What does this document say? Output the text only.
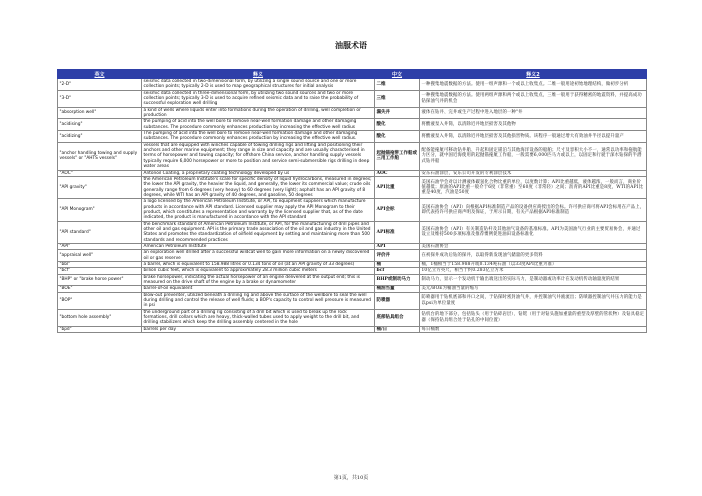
油服术语
英文	释义	中文	释义2
"2-D"	seismic data collected in two-dimensional form, by utilizing a single sound source and one or more collection points; typically 2-D is used to map geographical structures for initial analysis	二维	一种搜集地震数据的方法。使用一组声源和一个或以上收集点。二维一般用途初始地理结构，做初步分析
"3-D"	seismic data collected in three-dimensional form, by utilizing two sound sources and two or more collection points; typically 3-D is used to acquire refined seismic data and to raise the probability of successful exploration well drilling	三维	一种搜集地震数据的方法。使用两组声源和两个或以上收集点，三维一般用于获得精密的地震资料，并提高成功钻探油气井的机会
"absorption well"	a kind of wells where liquids enter into formations during the operation of drilling, well completion or production	漏失井	液体在钻井、完井或生产过程中进入地层的一种"井
"acidising"	the pumping of acid into the well bore to remove near-well formation damage and other damaging substances. The procedure commonly enhances production by increasing the effective well radius	酸化	将酸液泵入井筒，以清除近井地层损害及其他物
"acidizing"	The pumping of acid into the well bore to remove near-well formation damage and other damaging substances. The procedure commonly enhances production by increasing the effective well radius.	酸化	将酸液泵入井筒，以清除近井地层损害及其他损害物质。该程序一般通过增大有效油井半径以提升量产
"anchor handling towing and supply vessels" or "AHTS vessels"	vessels that are equipped with winches capable of towing drilling rigs and lifting and positioning their anchors and other marine equipment; they range in size and capacity and are usually characterised in terms of horsepower and towing capacity; for offshore China service, anchor handling supply vessels typically require 6,000 horsepower or more to position and service semi-submersible rigs drilling in deep water areas	起抛锚拖带工作船或三用工作船	配备能拖航可移动钻井船、升起和固定锚泊与其他海洋设备的船舶；尺寸及容积大小不一，通常以功率和拖航能力区分，就中国近海使用的起抛锚拖航工作船，一般需要6,000匹马力或以上，以固定和行驶于深水钻探的半潜式钻井船
"AOC"	Antonoil Coating, a proprietary coating technology developed by us	AOC	安东石油涂层，安东公司开发的专利涂层技术
"API gravity"	the American Petroleum Institute's scale for specific density of liquid hydrocarbons, measured in degrees; the lower the API gravity, the heavier the liquid, and generally, the lower its commercial value; crude oils generally range from 6 degrees (very heavy) to 60 degrees (very light); asphalt has an API gravity of 8 degrees, while WTI has an API gravity of 40 degrees, and gasoline, 50 degrees	API比重	美国石油学会对以计测液体碳氢化合物比重的单位，以度数计算；API比重越低，液体越浓，一般而言，商业价值越低；原油的API比重一般介于6度（非常重）至60度（非常轻）之间；沥青的API比重是8度，WTI的API比重是40度，汽油是50度
"API Monogram"	a logo licensed by the American Petroleum Institute, or API, to equipment suppliers which manufacture products in accordance with API standard. Licensed supplier may apply the API Monogram to their product, which constitutes a representation and warranty by the licensed supplier that, as of the date indicated, the product is manufactured in accordance with the API standard	API会标	美国石油协会（API）向根据API标准制造产品的设备供应商授出的会标。许可供应商可将API会标用在产品上，即代表持许可供应商声明及保证，于所示日期，有关产品根据API标准制造
"API standard"	the benchmark standard of American Petroleum Institute, or API, for the manufacturing of drill pipes and other oil and gas equipment. API is the primary trade association of the oil and gas industry in the United States and promotes the standardization of oilfield equipment by setting and maintaining more than 500 standards and recommended practices	API标准	美国石油协会（API）有关制造钻杆及其他油气设备的基准标准。API为美国油气行业的主要贸易协会，并通过设立及维持500多项标准及推荐惯例促进油田设备标准化
"API"	American Petroleum Institute	API	美国石油协会
"appraisal well"	an exploration well drilled after a successful wildcat well to gain more information on a newly discovered oil or gas reserve	评价井	在初探井成功后钻的探井，以取得新发现油气储量的更多资料
"bbl"	a barrel, which is equivalent to 158.988 litres or 0.134 tons of oil (at an API gravity of 33 degrees)	桶	桶，1桶相当于158.988升或0.134吨石油（以33度API比重为准）
"bcf"	billion cubic feet, which is equivalent to approximately 28.3 million cubic meters	bcf	10亿立方英尺，相当于约0.283亿立方米
"BHP" or "brake horse power"	brake horsepower, indicating the actual horsepower of an engine delivered at the output end; this is measured on the drive shaft of the engine by a brake or dynamometer	BHP或制动马力	制动马力，显示一个发动机于输出端送出的实际马力，是制动器或功率计在发动机传动轴量度的结果
"BOE"	barrel-of-oil equivalent	桶油当量	美元/BOE为桶油当量的缩写
"BOP"	blow-out preventer, utilized beneath a drilling rig and above the surface of the wellbore to seal the well during drilling and control the release of well fluids; a BOP's capacity to control well pressure is measured in psi	防喷器	防喷器用于钻机底部和井口之间，于钻探时密封油气井，并控制油气井液流出；防喷器控制油气井压力的能力是以psi为单位量度
"bottom hole assembly"	the underground part of a drilling rig consisting of a drill bit which is used to break up the rock formations, drill collars which are heavy, thick-walled tubes used to apply weight to the drill bit, and drilling stabilizers which keep the drilling assembly centered in the hole	底部钻具组合	钻机台的地下部分，包括钻头（用于钻碎岩层）、钻铤（用于对钻头施加重量的重型及厚壁的管状物）及钻具稳定器（保持钻具组合处于钻孔的中间位置）
"bpd"	barrels per day	桶/日	每日桶数
第1页，共10页
